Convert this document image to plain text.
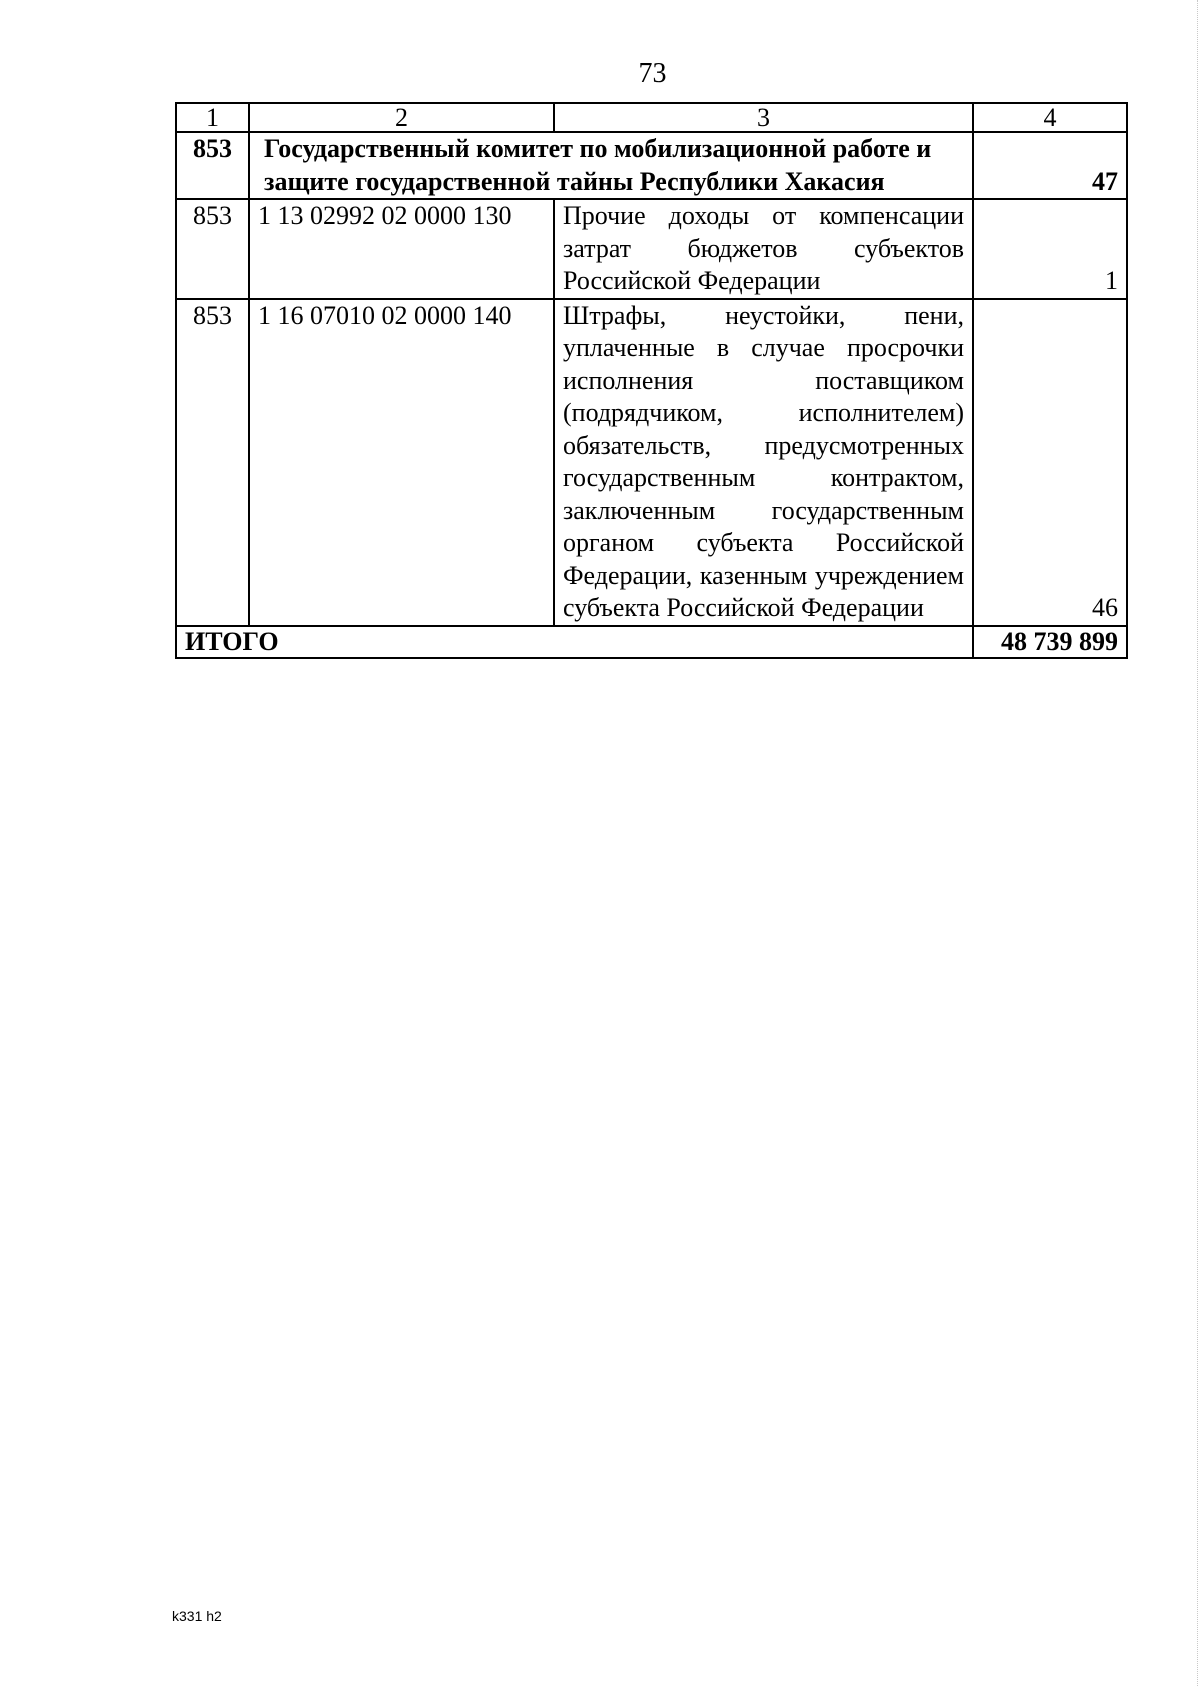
73
1	2	3	4
853	Государственный комитет по мобилизационной работе и защите государственной тайны Республики Хакасия		47
853	1 13 02992 02 0000 130	Прочие доходы от компенсации затрат бюджетов субъектов Российской Федерации	1
853	1 16 07010 02 0000 140	Штрафы, неустойки, пени, уплаченные в случае просрочки исполнения поставщиком (подрядчиком, исполнителем) обязательств, предусмотренных государственным контрактом, заключенным государственным органом субъекта Российской Федерации, казенным учреждением субъекта Российской Федерации	46
ИТОГО			48 739 899
k331 h2
